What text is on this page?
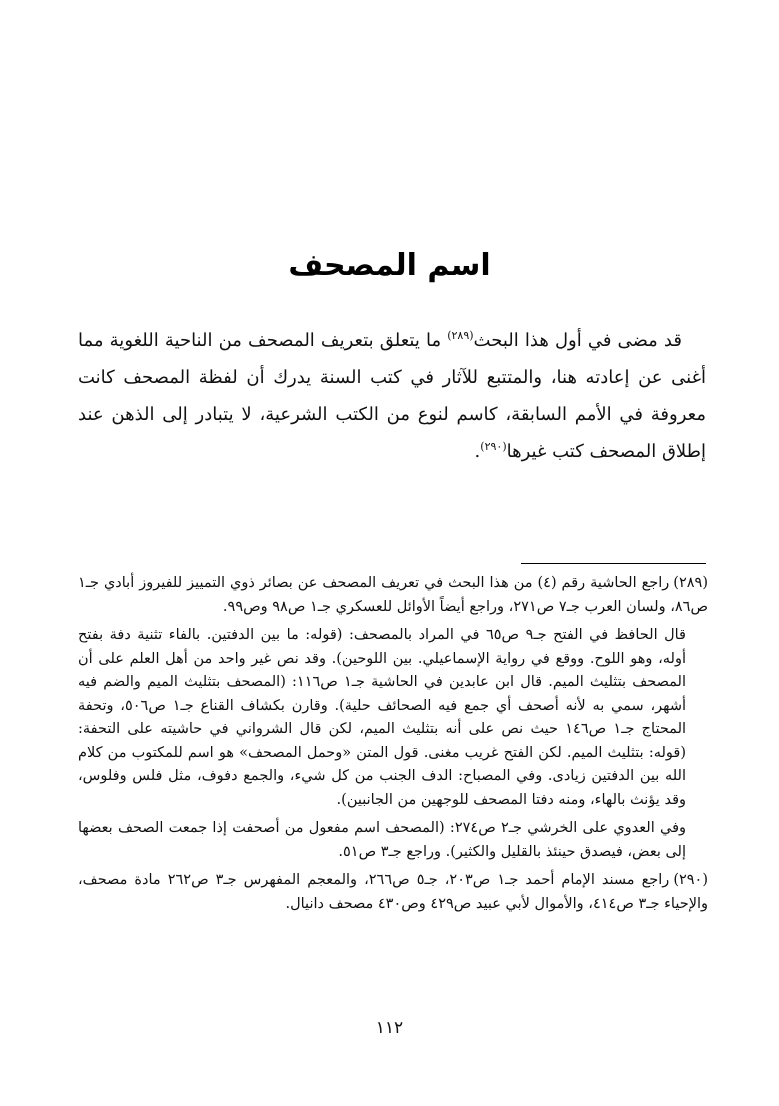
اسم المصحف

قد مضى في أول هذا البحث$^{(٢٨٩)}$ ما يتعلق بتعريف المصحف من الناحية اللغوية مما أغنى عن إعادته هنا، والمتتبع للآثار في كتب السنة يدرك أن لفظة المصحف كانت معروفة في الأمم السابقة، كاسم لنوع من الكتب الشرعية، لا يتبادر إلى الذهن عند إطلاق المصحف كتب غيرها$^{(٢٩٠)}$.

(٢٨٩)راجع الحاشية رقم (٤) من هذا البحث في تعريف المصحف عن بصائر ذوي التمييز للفيروز أبادي جـ١ ص٨٦، ولسان العرب جـ٧ ص٢٧١، وراجع أيضاً الأوائل للعسكري جـ١ ص٩٨ وص٩٩.

قال الحافظ في الفتح جـ٩ ص٦٥ في المراد بالمصحف: (قوله: ما بين الدفتين. بالفاء تثنية دفة بفتح أوله، وهو اللوح. ووقع في رواية الإسماعيلي. بين اللوحين). وقد نص غير واحد من أهل العلم على أن المصحف بتثليث الميم. قال ابن عابدين في الحاشية جـ١ ص١١٦: (المصحف بتثليث الميم والضم فيه أشهر، سمي به لأنه أصحف أي جمع فيه الصحائف حلية). وقارن بكشاف القناع جـ١ ص٥٠٦، وتحفة المحتاج جـ١ ص١٤٦ حيث نص على أنه بتثليث الميم، لكن قال الشرواني في حاشيته على التحفة: (قوله: بتثليث الميم. لكن الفتح غريب مغنى. قول المتن «وحمل المصحف» هو اسم للمكتوب من كلام الله بين الدفتين زيادى. وفي المصباح: الدف الجنب من كل شيء، والجمع دفوف، مثل فلس وفلوس، وقد يؤنث بالهاء، ومنه دفتا المصحف للوجهين من الجانبين).

وفي العدوي على الخرشي جـ٢ ص٢٧٤: (المصحف اسم مفعول من أصحفت إذا جمعت الصحف بعضها إلى بعض، فيصدق حينئذ بالقليل والكثير). وراجع جـ٣ ص٥١.

(٢٩٠)راجع مسند الإمام أحمد جـ١ ص٢٠٣، جـ٥ ص٢٦٦، والمعجم المفهرس جـ٣ ص٢٦٢ مادة مصحف، والإحياء جـ٣ ص٤١٤، والأموال لأبي عبيد ص٤٢٩ وص٤٣٠ مصحف دانيال.

١١٢
